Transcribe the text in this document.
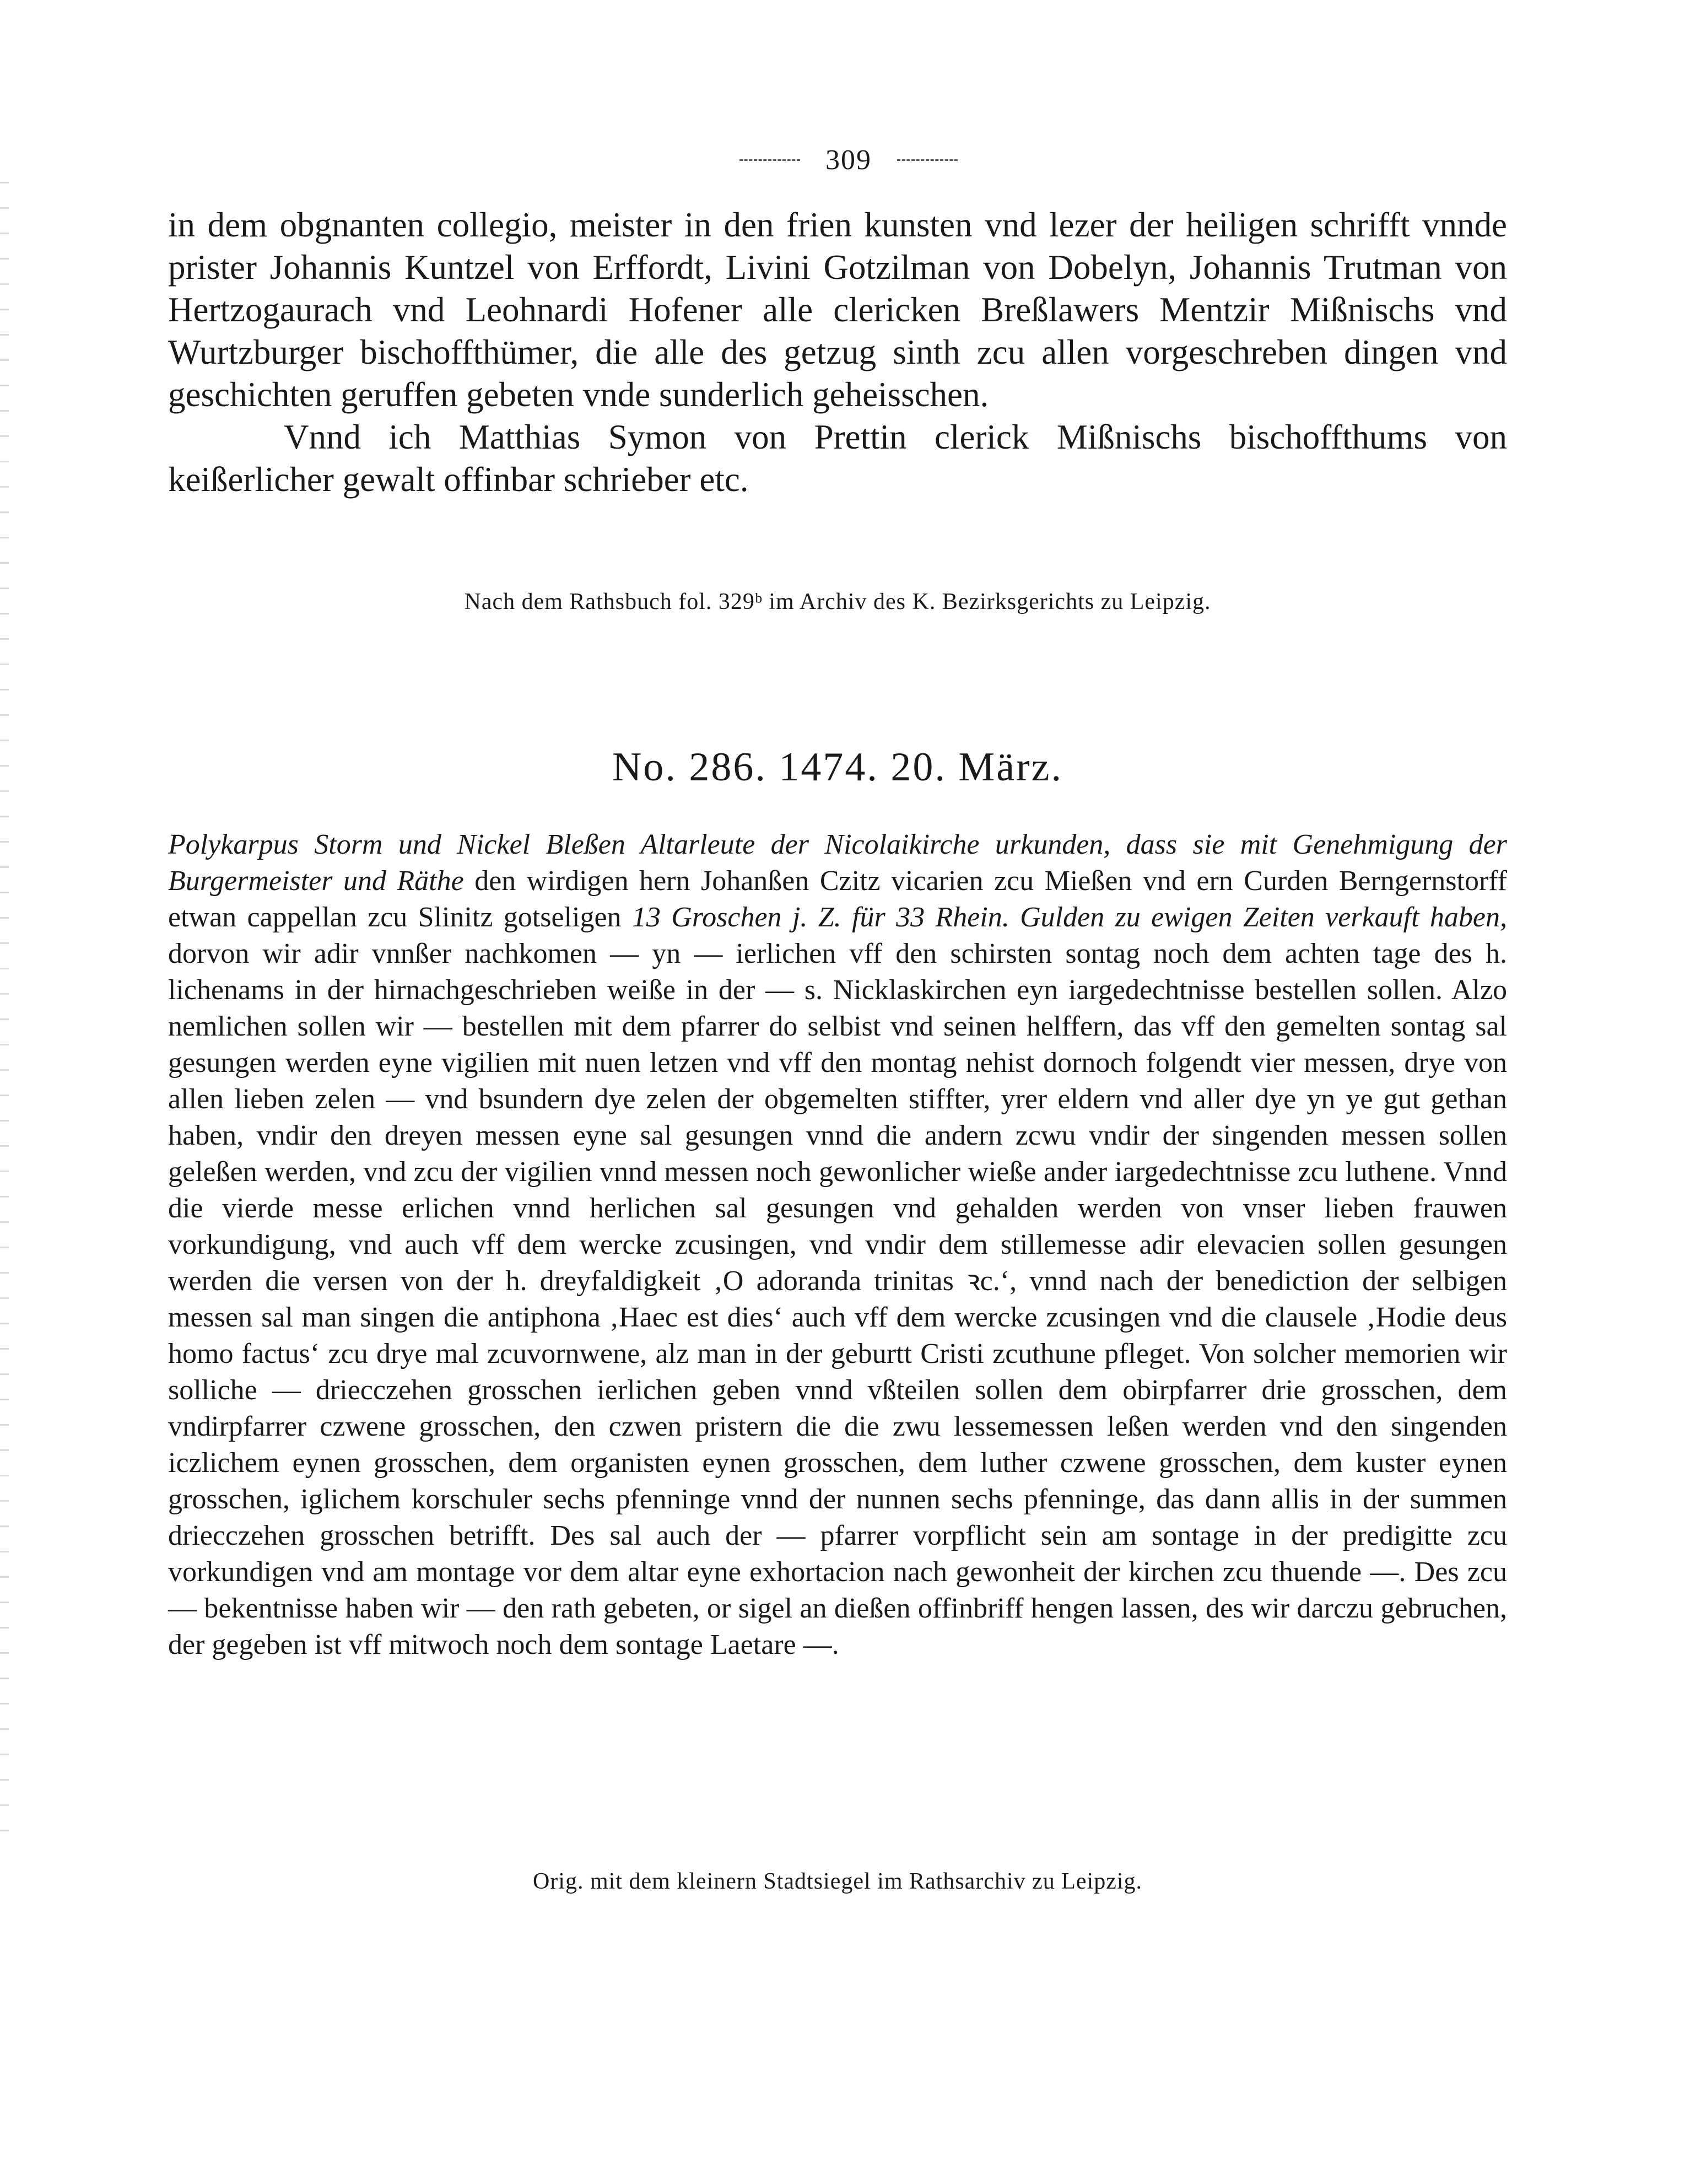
309

in dem obgnanten collegio, meister in den frien kunsten vnd lezer der heiligen schrifft vnnde prister Johannis Kuntzel von Erffordt, Livini Gotzilman von Dobelyn, Johannis Trutman von Hertzogaurach vnd Leohnardi Hofener alle clericken Breßlawers Mentzir Mißnischs vnd Wurtzburger bischoffthümer, die alle des getzug sinth zcu allen vorgeschreben dingen vnd geschichten geruffen gebeten vnde sunderlich geheisschen.

Vnnd ich Matthias Symon von Prettin clerick Mißnischs bischoffthums von keißerlicher gewalt offinbar schrieber etc.

Nach dem Rathsbuch fol. 329ᵇ im Archiv des K. Bezirksgerichts zu Leipzig.
No. 286. 1474. 20. März.

Polykarpus Storm und Nickel Bleßen Altarleute der Nicolaikirche urkunden, dass sie mit Genehmigung der Burgermeister und Räthe den wirdigen hern Johanßen Czitz vicarien zcu Mießen vnd ern Curden Berngernstorff etwan cappellan zcu Slinitz gotseligen 13 Groschen j. Z. für 33 Rhein. Gulden zu ewigen Zeiten verkauft haben, dorvon wir adir vnnßer nachkomen — yn — ierlichen vff den schirsten sontag noch dem achten tage des h. lichenams in der hirnachgeschrieben weiße in der — s. Nicklaskirchen eyn iargedechtnisse bestellen sollen. Alzo nemlichen sollen wir — bestellen mit dem pfarrer do selbist vnd seinen helffern, das vff den gemelten sontag sal gesungen werden eyne vigilien mit nuen letzen vnd vff den montag nehist dornoch folgendt vier messen, drye von allen lieben zelen — vnd bsundern dye zelen der obgemelten stiffter, yrer eldern vnd aller dye yn ye gut gethan haben, vndir den dreyen messen eyne sal gesungen vnnd die andern zcwu vndir der singenden messen sollen geleßen werden, vnd zcu der vigilien vnnd messen noch gewonlicher wieße ander iargedechtnisse zcu luthene. Vnnd die vierde messe erlichen vnnd herlichen sal gesungen vnd gehalden werden von vnser lieben frauwen vorkundigung, vnd auch vff dem wercke zcusingen, vnd vndir dem stillemesse adir elevacien sollen gesungen werden die versen von der h. dreyfaldigkeit ‚O adoranda trinitas ꝛc.‘, vnnd nach der benediction der selbigen messen sal man singen die antiphona ‚Haec est dies‘ auch vff dem wercke zcusingen vnd die clausele ‚Hodie deus homo factus‘ zcu drye mal zcuvornwene, alz man in der geburtt Cristi zcuthune pfleget. Von solcher memorien wir solliche — driecczehen grosschen ierlichen geben vnnd vßteilen sollen dem obirpfarrer drie grosschen, dem vndirpfarrer czwene grosschen, den czwen pristern die die zwu lessemessen leßen werden vnd den singenden iczlichem eynen grosschen, dem organisten eynen grosschen, dem luther czwene grosschen, dem kuster eynen grosschen, iglichem korschuler sechs pfenninge vnnd der nunnen sechs pfenninge, das dann allis in der summen driecczehen grosschen betrifft. Des sal auch der — pfarrer vorpflicht sein am sontage in der predigitte zcu vorkundigen vnd am montage vor dem altar eyne exhortacion nach gewonheit der kirchen zcu thuende —. Des zcu — bekentnisse haben wir — den rath gebeten, or sigel an dießen offinbriff hengen lassen, des wir darczu gebruchen, der gegeben ist vff mitwoch noch dem sontage Laetare —.

Orig. mit dem kleinern Stadtsiegel im Rathsarchiv zu Leipzig.
